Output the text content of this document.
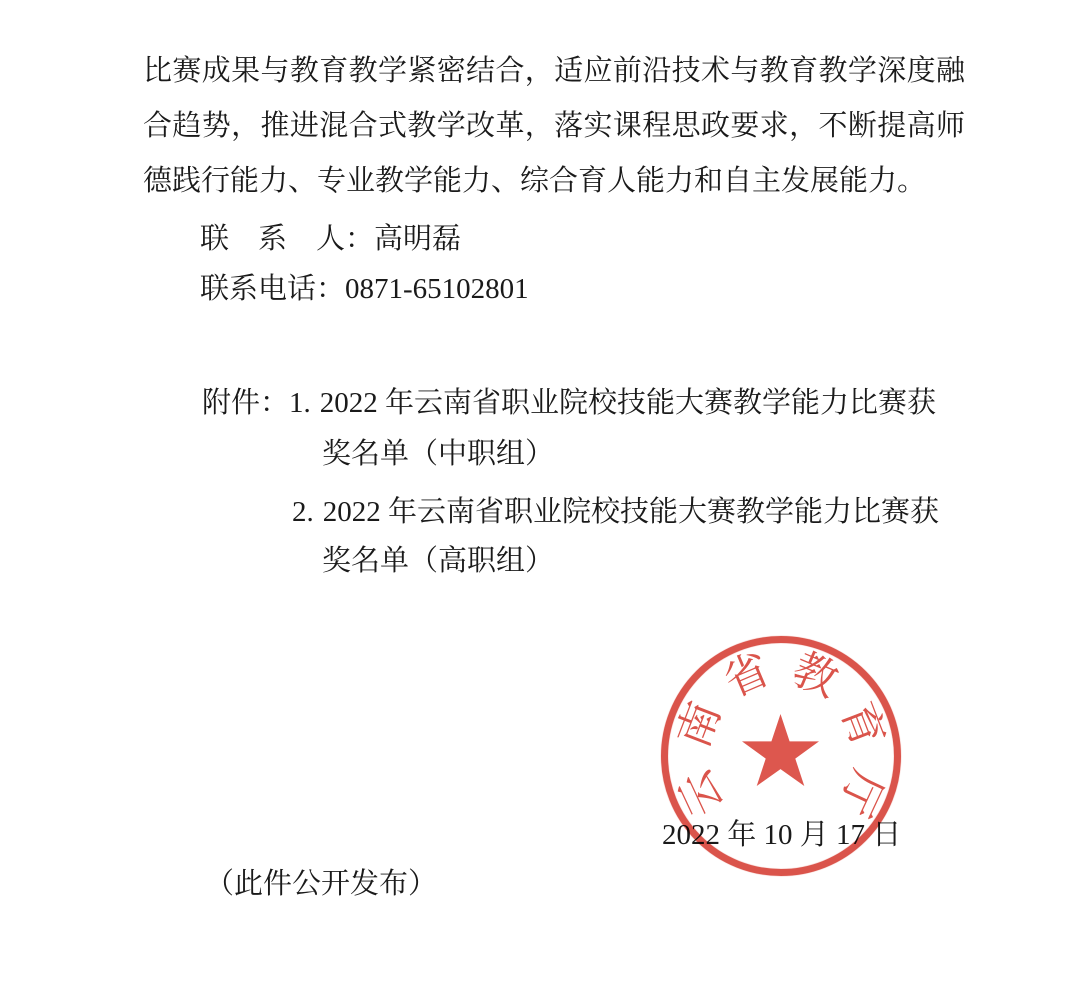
比赛成果与教育教学紧密结合，适应前沿技术与教育教学深度融
合趋势，推进混合式教学改革，落实课程思政要求，不断提高师
德践行能力、专业教学能力、综合育人能力和自主发展能力。
联　系　人：高明磊
联系电话：0871-65102801
附件：1. 2022 年云南省职业院校技能大赛教学能力比赛获
奖名单（中职组）
2. 2022 年云南省职业院校技能大赛教学能力比赛获
奖名单（高职组）
2022 年 10 月 17 日
云
南
省 教
育
厅
（此件公开发布）
